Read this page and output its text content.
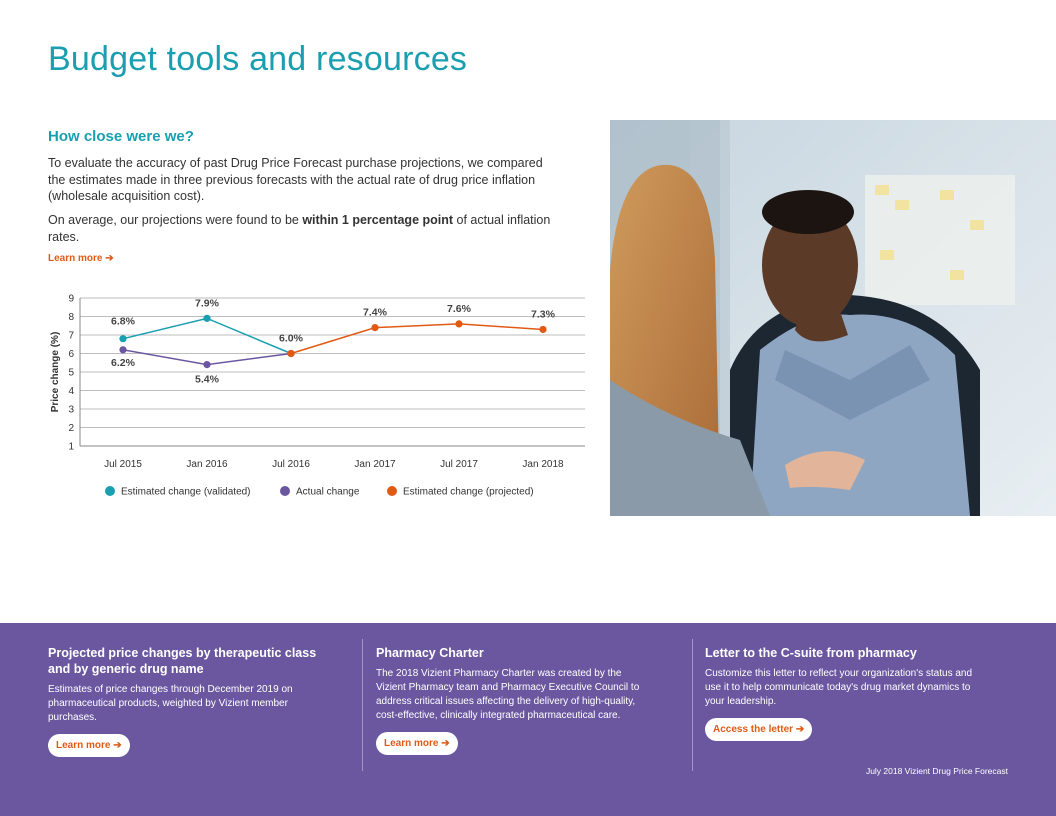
Budget tools and resources
How close were we?

To evaluate the accuracy of past Drug Price Forecast purchase projections, we compared the estimates made in three previous forecasts with the actual rate of drug price inflation (wholesale acquisition cost).

On average, our projections were found to be within 1 percentage point of actual inflation rates.

Learn more ➔
1
2
3
4
5
6
7
8
9
Price change (%)
Jul 2015	Jan 2016	Jul 2016	Jan 2017	Jul 2017	Jan 2018
6.8%
7.9%
6.0%
6.2%
5.4%
7.4%	7.6%	7.3%
Estimated change (validated)	Actual change	Estimated change (projected)
Projected price changes by therapeutic class and by generic drug name

Estimates of price changes through December 2019 on pharmaceutical products, weighted by Vizient member purchases.

Learn more ➔
Pharmacy Charter

The 2018 Vizient Pharmacy Charter was created by the Vizient Pharmacy team and Pharmacy Executive Council to address critical issues affecting the delivery of high-quality, cost-effective, clinically integrated pharmaceutical care.

Learn more ➔
Letter to the C-suite from pharmacy

Customize this letter to reflect your organization's status and use it to help communicate today's drug market dynamics to your leadership.

Access the letter ➔
July 2018 Vizient Drug Price Forecast
